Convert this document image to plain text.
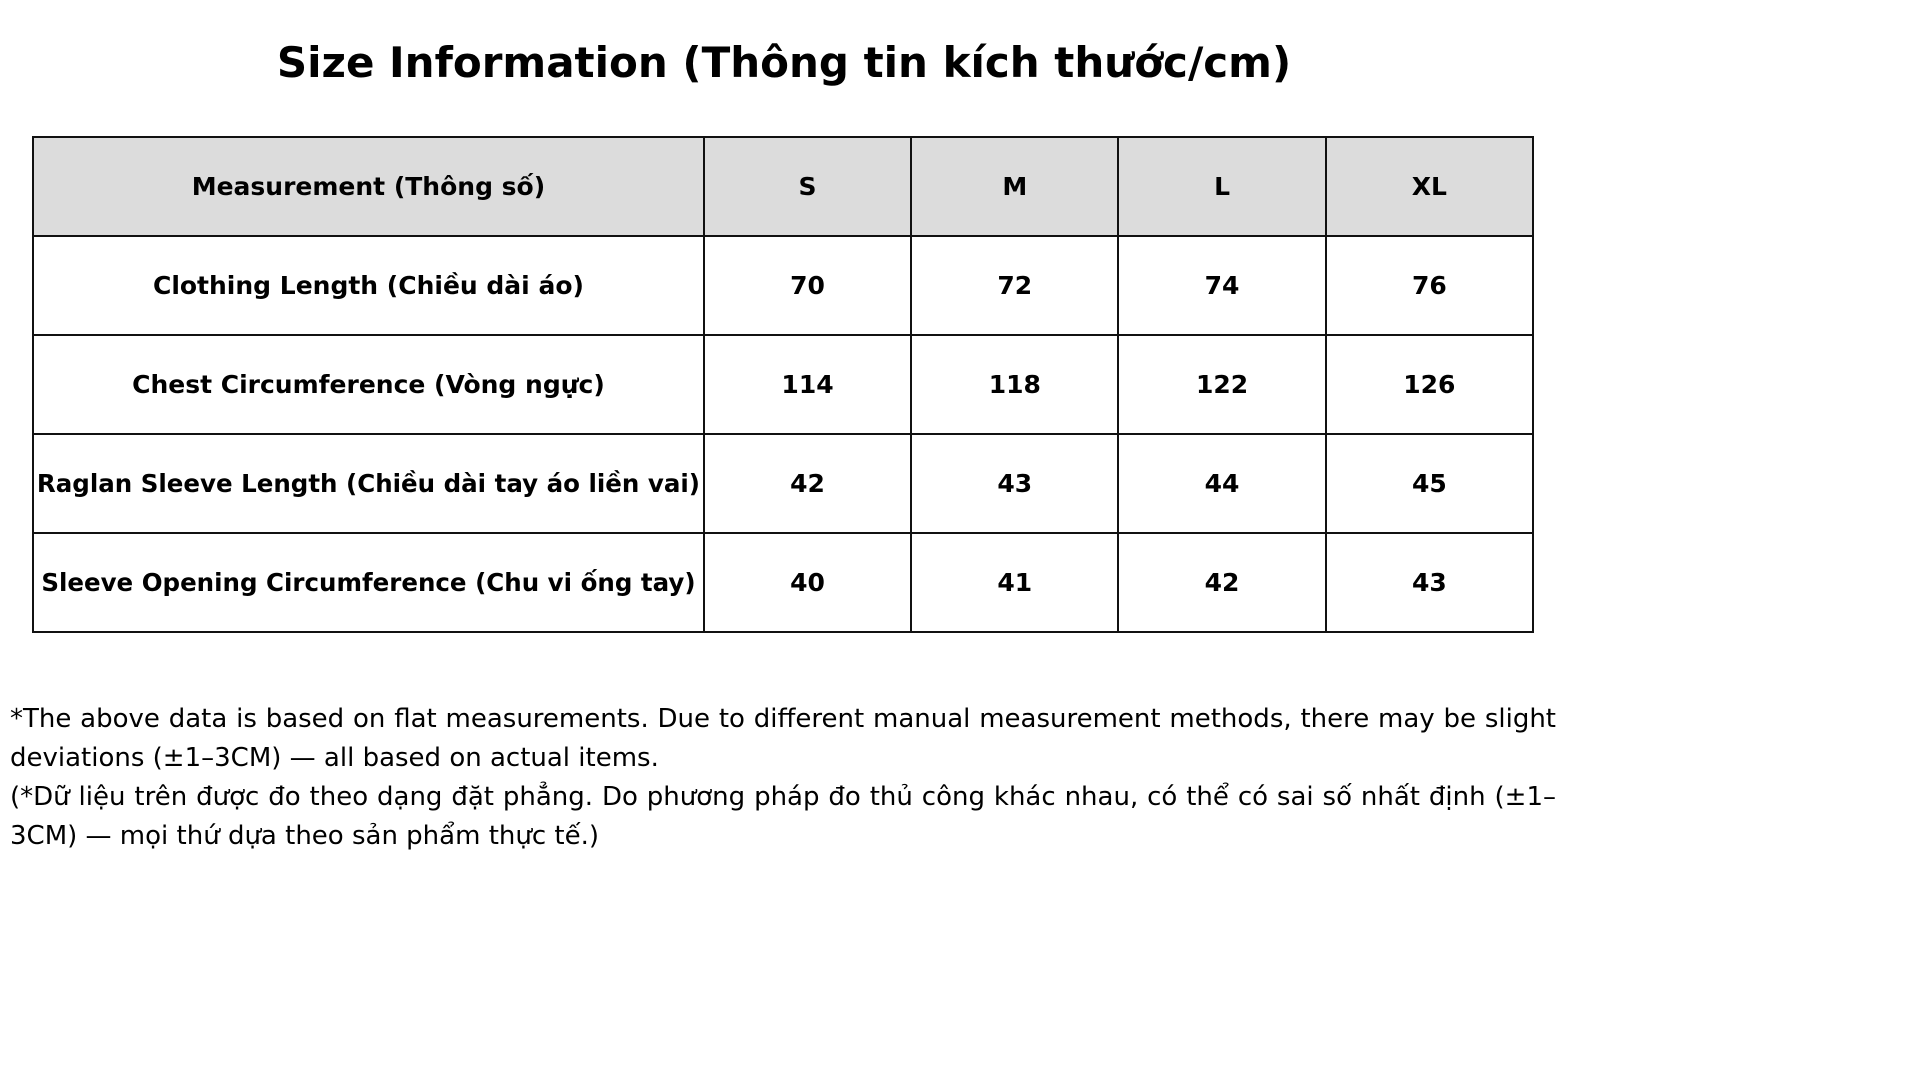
Size Information (Thông tin kích thước/cm)
Measurement (Thông số)	S	M	L	XL
Clothing Length (Chiều dài áo)	70	72	74	76
Chest Circumference (Vòng ngực)	114	118	122	126
Raglan Sleeve Length (Chiều dài tay áo liền vai)	42	43	44	45
Sleeve Opening Circumference (Chu vi ống tay)	40	41	42	43

*The above data is based on flat measurements. Due to different manual measurement methods, there may be slight deviations (±1–3CM) — all based on actual items.

(*Dữ liệu trên được đo theo dạng đặt phẳng. Do phương pháp đo thủ công khác nhau, có thể có sai số nhất định (±1–3CM) — mọi thứ dựa theo sản phẩm thực tế.)
